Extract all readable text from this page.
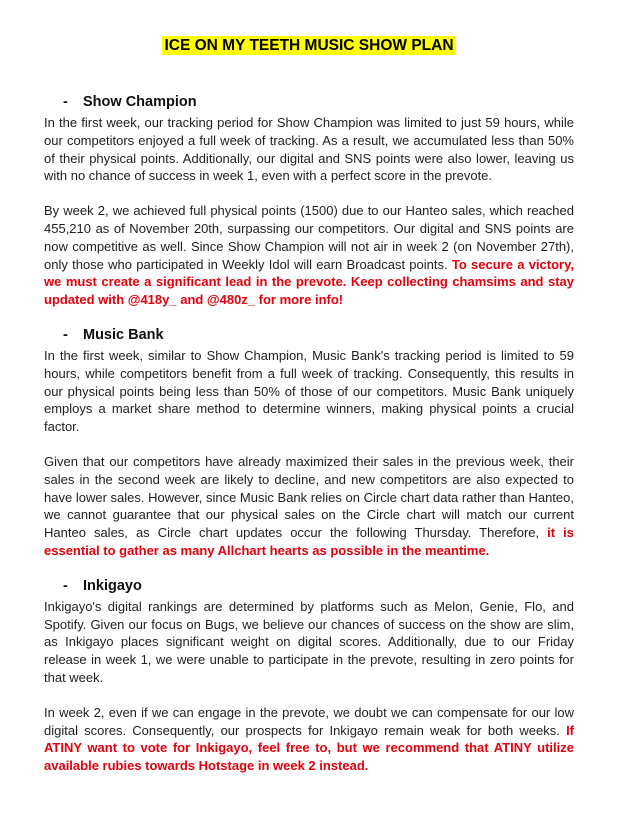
ICE ON MY TEETH MUSIC SHOW PLAN
-	Show Champion

In the first week, our tracking period for Show Champion was limited to just 59 hours, while our competitors enjoyed a full week of tracking. As a result, we accumulated less than 50% of their physical points. Additionally, our digital and SNS points were also lower, leaving us with no chance of success in week 1, even with a perfect score in the prevote.

By week 2, we achieved full physical points (1500) due to our Hanteo sales, which reached 455,210 as of November 20th, surpassing our competitors. Our digital and SNS points are now competitive as well. Since Show Champion will not air in week 2 (on November 27th), only those who participated in Weekly Idol will earn Broadcast points. To secure a victory, we must create a significant lead in the prevote. Keep collecting chamsims and stay updated with @418y_ and @480z_ for more info!

-	Music Bank

In the first week, similar to Show Champion, Music Bank's tracking period is limited to 59 hours, while competitors benefit from a full week of tracking. Consequently, this results in our physical points being less than 50% of those of our competitors. Music Bank uniquely employs a market share method to determine winners, making physical points a crucial factor.

Given that our competitors have already maximized their sales in the previous week, their sales in the second week are likely to decline, and new competitors are also expected to have lower sales. However, since Music Bank relies on Circle chart data rather than Hanteo, we cannot guarantee that our physical sales on the Circle chart will match our current Hanteo sales, as Circle chart updates occur the following Thursday. Therefore, it is essential to gather as many Allchart hearts as possible in the meantime.

-	Inkigayo

Inkigayo's digital rankings are determined by platforms such as Melon, Genie, Flo, and Spotify. Given our focus on Bugs, we believe our chances of success on the show are slim, as Inkigayo places significant weight on digital scores. Additionally, due to our Friday release in week 1, we were unable to participate in the prevote, resulting in zero points for that week.

In week 2, even if we can engage in the prevote, we doubt we can compensate for our low digital scores. Consequently, our prospects for Inkigayo remain weak for both weeks. If ATINY want to vote for Inkigayo, feel free to, but we recommend that ATINY utilize available rubies towards Hotstage in week 2 instead.
